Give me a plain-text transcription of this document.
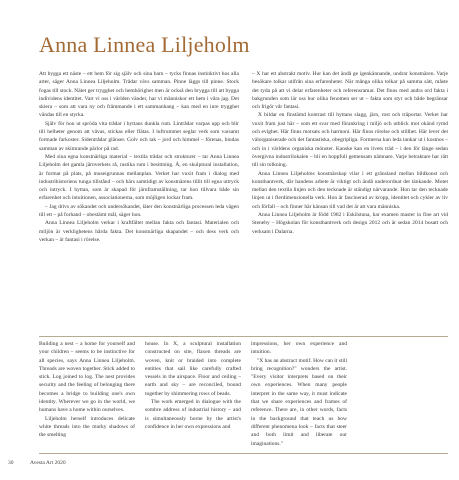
Anna Linnea Liljeholm

Att bygga ett näste – ett hem för sig själv och sina barn – tycks finnas instinktivt hos alla arter, säger Anna Linnea Liljeholm. Trådar vävs samman. Pinne läggs till pinne. Stock fogas till stock. Nätet ger trygghet och hemhörighet men är också den brygga till att bygga individens identitet. Vart vi oss i världen vänder, har vi människor ett hem i våra jag. Det skiera – som att vara ny och främmande i ett sammanhang – kan med en inre trygghet vändas till en styrka.

Själv för hon ut spröda vita trådar i hyttans dunkla rum. Lintrådar varpas upp och blir till helheter genom att vävas, stickas eller flätas. I luftrummet seglar verk som varsamt formade farkoster. Sidentrådar glänser. Golv och tak – jord och himmel – förenas, bindas samman av skimrande pärlor på rad.

Med sina egna konstnärliga material – textila trådar och strukturer – tar Anna Linnea Liljeholm det gamla järnverkets rå, rustika rum i besittning. Å, en skulptural installation, är format på plats, på museigrunnas mellanplan. Verket har vuxit fram i dialog med industrihistoriens tunga tillstånd – och bärs samtidigt av konstnärens tillit till egna uttryck och intryck. I hyttan, som är skapad för järnframställning, tar hon tillvara både sin erfarenhet och intuitionen, associationerna, som möjligen lockar fram.

– Jag drivs av sökandet och undersökandet, läter den konstnärliga processen leda vägen till ett – på forhand – obestämt mål, säger hon.

Anna Linnea Liljeholm verkar i kraftfältet mellan fakta och fantasi. Materialen och miljön är verklighetens hårda fakta. Det konstnärliga skapandet – och dess verk och verkan – är fantasi i rörelse.

– X har ett abstrakt motiv. Hur kan det ändå ge igenkännande, undrar konstnären. Varje besökare tolkar utifrån sina erfarenheter. När många olika tolkar på samma sätt, måste det tyda på att vi delar erfarenheter och referensramar. Det finns med andra ord fakta i bakgrunden som lär oss hur olika fenomen ser ut – fakta som styr och både begränsar och frigör vår fantasi.

X bildar en finstämd kontrast till hyttans slagg, järn, rost och träportar. Verket har vuxit fram just här – som ett svar med förankring i miljö och utblick mot okänd rymd och evighet. Här finns motsats och harmoni. Här finns rörelse och stillhet. Här lever det välorganiserade och det fantastiska, obegripliga. Formerna kan leda tankar ut i kosmos – och in i världens organiska mönster. Kanske kan en livets träd – i den för länge sedan övergivna industrilokalen – bli en hoppfull gemensam nämnare. Varje betraktare har rätt till sin tolkning.

Anna Linnea Liljeholms konstnärskap vilar i ett gränsland mellan bildkonst och konsthantverk, där handens arbete är viktigt och ändå underordnat det tänkande. Motet mellan den textila linjen och den tecknade är ständigt närvarande. Hon tar den tecknade linjen ut i flerdimensionella verk. Hon är fascinerad av kropp, identitet och cykler av liv och förfall – och finner här känsan till vad det är att vara människa.

Anna Linnea Liljeholm är född 1982 i Eskilstuna, har examen master in fine art vid Steneby – Högskolan för konsthantverk och design 2012 och är sedan 2014 bosatt och verksam i Dalarna.

Building a nest – a home for yourself and your children – seems to be instinctive for all species, says Anna Linnea Liljeholm. Threads are woven together. Stick added to stick. Log joined to log. The nest provides security and the feeling of belonging there becomes a bridge to building one's own identity. Wherever we go in the world, we humans have a home within ourselves.

Liljeholm herself introduces delicate white threads into the murky shadows of the smelting

house. In X, a sculptural installation constructed on site, flaxen threads are woven, knit or braided into complete entities that sail like carefully crafted vessels in the airspace. Floor and ceiling – earth and sky – are reconciled, bound together by shimmering rows of beads.

The work emerged in dialogue with the sombre address of industrial history – and is simultaneously borne by the artist's confidence in her own expressions and

impressions, her own experience and intuition.

"X has an abstract motif. How can it still bring recognition?" wonders the artist. "Every visitor interprets based on their own experiences. When many people interpret in the same way, it must indicate that we share experiences and frames of reference. There are, in other words, facts in the background that teach us how different phenomena look – facts that steer and both limit and liberate our imaginations."

30	Avesta Art 2020
